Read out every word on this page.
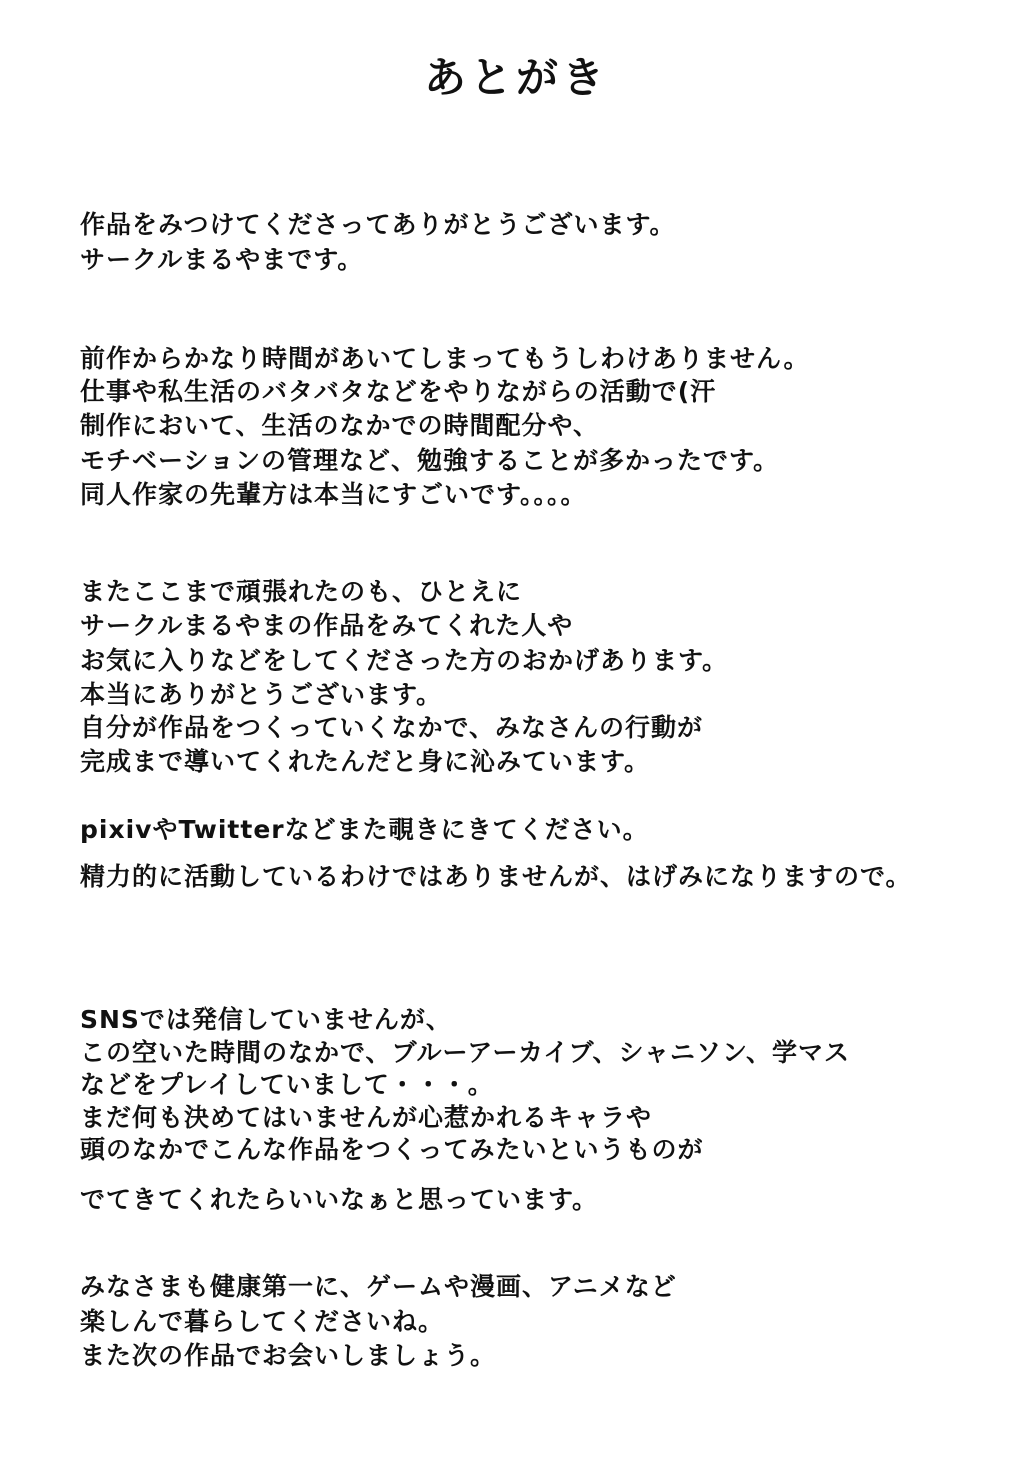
あとがき
作品をみつけてくださってありがとうございます。
サークルまるやまです。
前作からかなり時間があいてしまってもうしわけありません。
仕事や私生活のバタバタなどをやりながらの活動で(汗
制作において、生活のなかでの時間配分や、
モチベーションの管理など、勉強することが多かったです。
同人作家の先輩方は本当にすごいです。。。。
またここまで頑張れたのも、ひとえに
サークルまるやまの作品をみてくれた人や
お気に入りなどをしてくださった方のおかげあります。
本当にありがとうございます。
自分が作品をつくっていくなかで、みなさんの行動が
完成まで導いてくれたんだと身に沁みています。
pixivやTwitterなどまた覗きにきてください。
精力的に活動しているわけではありませんが、はげみになりますので。
SNSでは発信していませんが、
この空いた時間のなかで、ブルーアーカイブ、シャニソン、学マス
などをプレイしていまして・・・。
まだ何も決めてはいませんが心惹かれるキャラや
頭のなかでこんな作品をつくってみたいというものが
でてきてくれたらいいなぁと思っています。
みなさまも健康第一に、ゲームや漫画、アニメなど
楽しんで暮らしてくださいね。
また次の作品でお会いしましょう。
